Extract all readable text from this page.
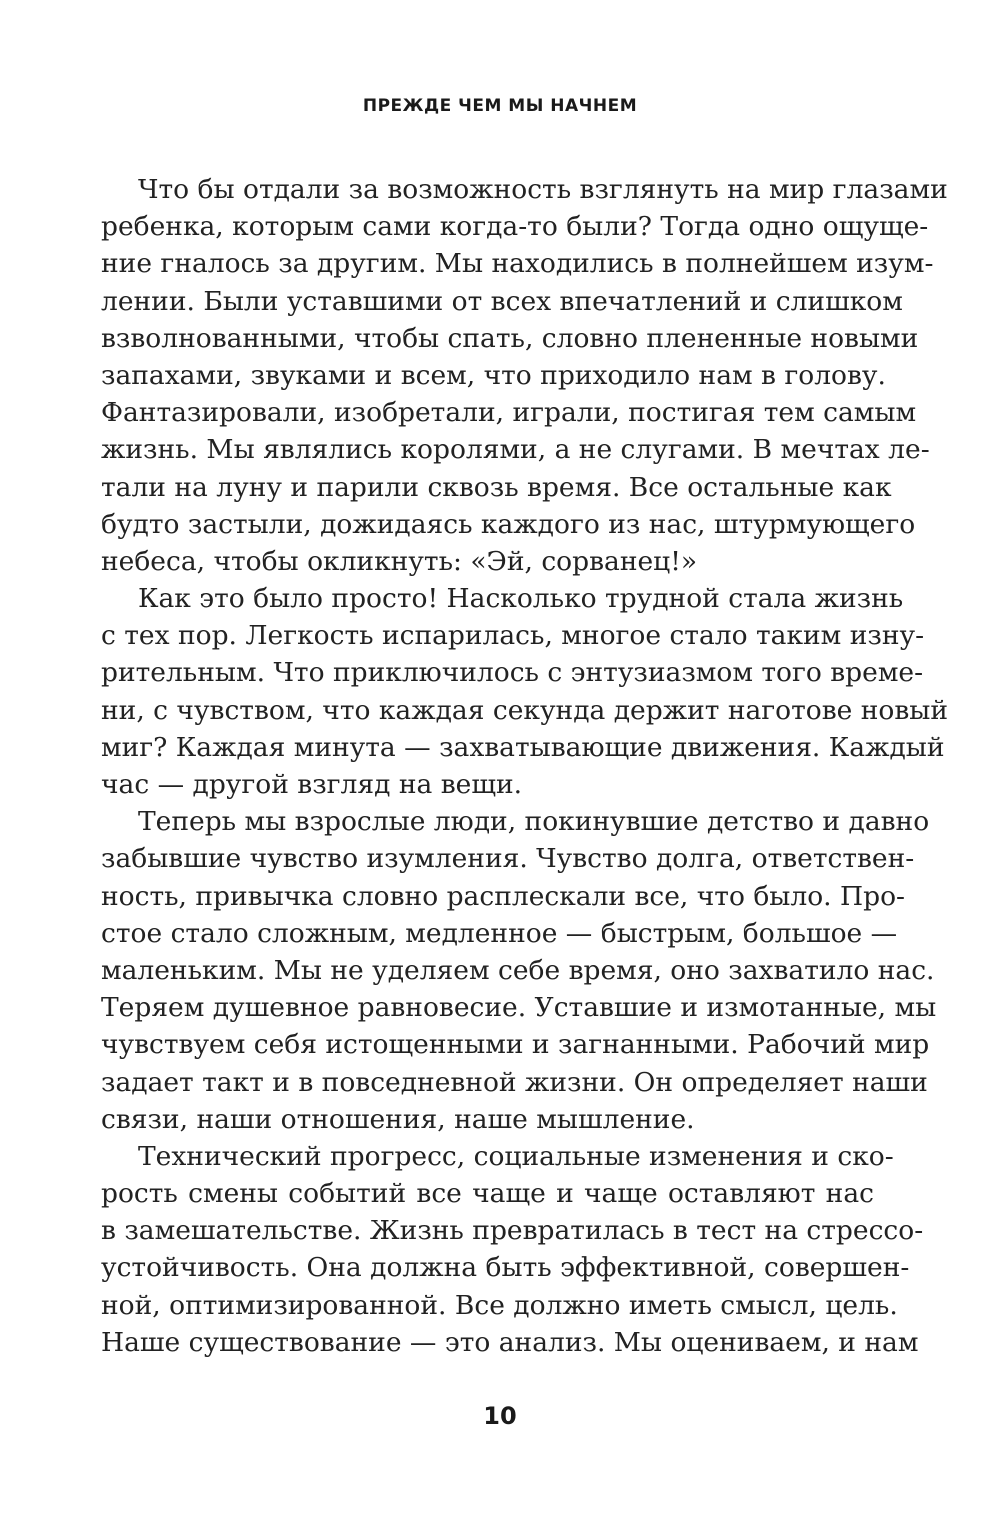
ПРЕЖДЕ ЧЕМ МЫ НАЧНЕМ
Что бы отдали за возможность взглянуть на мир глазами
ребенка, которым сами когда-то были? Тогда одно ощуще-
ние гналось за другим. Мы находились в полнейшем изум-
лении. Были уставшими от всех впечатлений и слишком
взволнованными, чтобы спать, словно плененные новыми
запахами, звуками и всем, что приходило нам в голову.
Фантазировали, изобретали, играли, постигая тем самым
жизнь. Мы являлись королями, а не слугами. В мечтах ле-
тали на луну и парили сквозь время. Все остальные как
будто застыли, дожидаясь каждого из нас, штурмующего
небеса, чтобы окликнуть: «Эй, сорванец!»
Как это было просто! Насколько трудной стала жизнь
с тех пор. Легкость испарилась, многое стало таким изну-
рительным. Что приключилось с энтузиазмом того време-
ни, с чувством, что каждая секунда держит наготове новый
миг? Каждая минута — захватывающие движения. Каждый
час — другой взгляд на вещи.
Теперь мы взрослые люди, покинувшие детство и давно
забывшие чувство изумления. Чувство долга, ответствен-
ность, привычка словно расплескали все, что было. Про-
стое стало сложным, медленное — быстрым, большое —
маленьким. Мы не уделяем себе время, оно захватило нас.
Теряем душевное равновесие. Уставшие и измотанные, мы
чувствуем себя истощенными и загнанными. Рабочий мир
задает такт и в повседневной жизни. Он определяет наши
связи, наши отношения, наше мышление.
Технический прогресс, социальные изменения и ско-
рость смены событий все чаще и чаще оставляют нас
в замешательстве. Жизнь превратилась в тест на стрессо-
устойчивость. Она должна быть эффективной, совершен-
ной, оптимизированной. Все должно иметь смысл, цель.
Наше существование — это анализ. Мы оцениваем, и нам
10
